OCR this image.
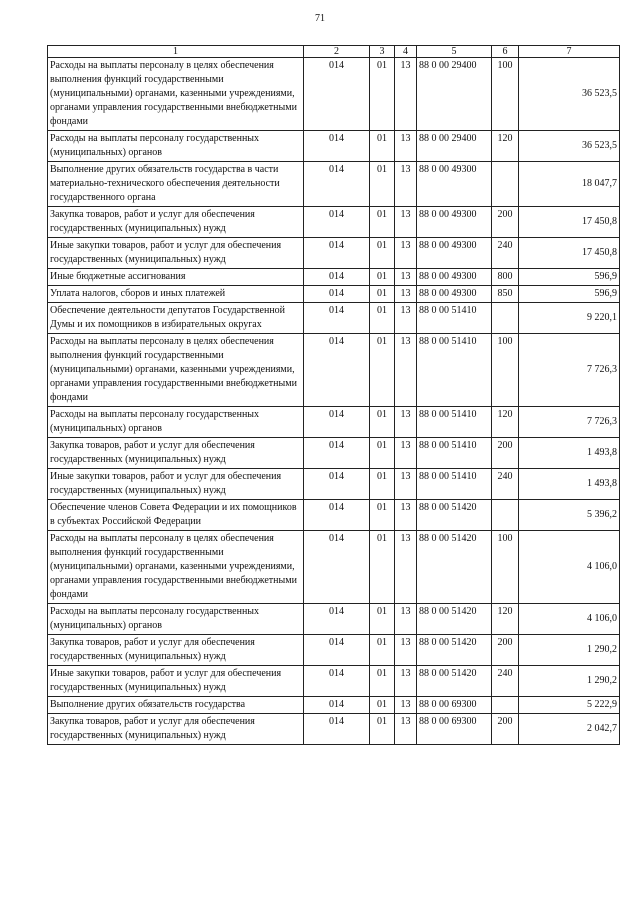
71
1	2	3	4	5	6	7
Расходы на выплаты персоналу в целях обеспечения выполнения функций государственными (муниципальными) органами, казенными учреждениями, органами управления государственными внебюджетными фондами	014	01	13	88 0 00 29400	100	36 523,5
Расходы на выплаты персоналу государственных (муниципальных) органов	014	01	13	88 0 00 29400	120	36 523,5
Выполнение других обязательств государства в части материально-технического обеспечения деятельности государственного органа	014	01	13	88 0 00 49300		18 047,7
Закупка товаров, работ и услуг для обеспечения государственных (муниципальных) нужд	014	01	13	88 0 00 49300	200	17 450,8
Иные закупки товаров, работ и услуг для обеспечения государственных (муниципальных) нужд	014	01	13	88 0 00 49300	240	17 450,8
Иные бюджетные ассигнования	014	01	13	88 0 00 49300	800	596,9
Уплата налогов, сборов и иных платежей	014	01	13	88 0 00 49300	850	596,9
Обеспечение деятельности депутатов Государственной Думы и их помощников в избирательных округах	014	01	13	88 0 00 51410		9 220,1
Расходы на выплаты персоналу в целях обеспечения выполнения функций государственными (муниципальными) органами, казенными учреждениями, органами управления государственными внебюджетными фондами	014	01	13	88 0 00 51410	100	7 726,3
Расходы на выплаты персоналу государственных (муниципальных) органов	014	01	13	88 0 00 51410	120	7 726,3
Закупка товаров, работ и услуг для обеспечения государственных (муниципальных) нужд	014	01	13	88 0 00 51410	200	1 493,8
Иные закупки товаров, работ и услуг для обеспечения государственных (муниципальных) нужд	014	01	13	88 0 00 51410	240	1 493,8
Обеспечение членов Совета Федерации и их помощников в субъектах Российской Федерации	014	01	13	88 0 00 51420		5 396,2
Расходы на выплаты персоналу в целях обеспечения выполнения функций государственными (муниципальными) органами, казенными учреждениями, органами управления государственными внебюджетными фондами	014	01	13	88 0 00 51420	100	4 106,0
Расходы на выплаты персоналу государственных (муниципальных) органов	014	01	13	88 0 00 51420	120	4 106,0
Закупка товаров, работ и услуг для обеспечения государственных (муниципальных) нужд	014	01	13	88 0 00 51420	200	1 290,2
Иные закупки товаров, работ и услуг для обеспечения государственных (муниципальных) нужд	014	01	13	88 0 00 51420	240	1 290,2
Выполнение других обязательств государства	014	01	13	88 0 00 69300		5 222,9
Закупка товаров, работ и услуг для обеспечения государственных (муниципальных) нужд	014	01	13	88 0 00 69300	200	2 042,7
